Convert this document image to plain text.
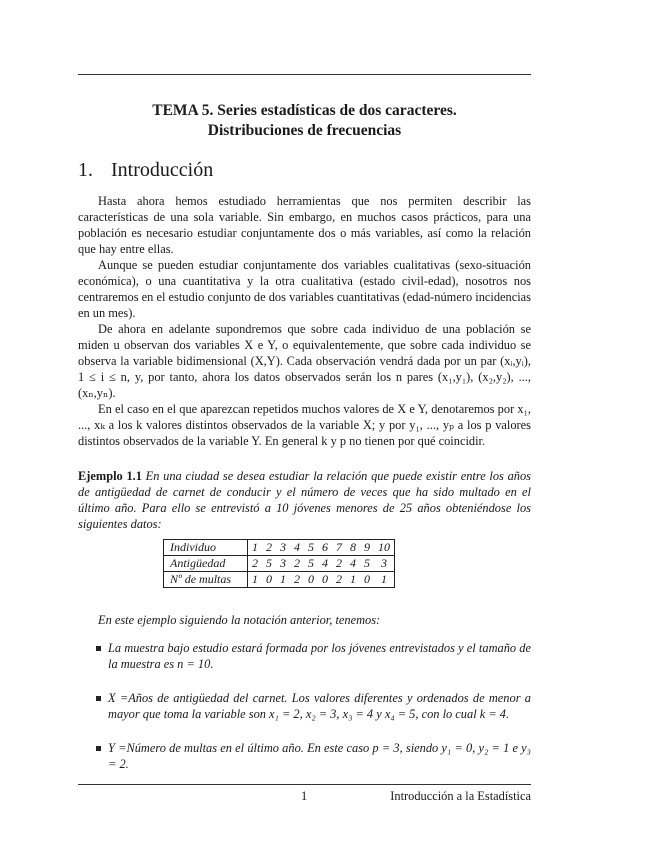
TEMA 5. Series estadísticas de dos caracteres.
Distribuciones de frecuencias
1. Introducción

Hasta ahora hemos estudiado herramientas que nos permiten describir las características de una sola variable. Sin embargo, en muchos casos prácticos, para una población es necesario estudiar conjuntamente dos o más variables, así como la relación que hay entre ellas.

Aunque se pueden estudiar conjuntamente dos variables cualitativas (sexo-situación económica), o una cuantitativa y la otra cualitativa (estado civil-edad), nosotros nos centraremos en el estudio conjunto de dos variables cuantitativas (edad-número incidencias en un mes).

De ahora en adelante supondremos que sobre cada individuo de una población se miden u observan dos variables X e Y, o equivalentemente, que sobre cada individuo se observa la variable bidimensional (X,Y). Cada observación vendrá dada por un par (xᵢ,yᵢ), 1 ≤ i ≤ n, y, por tanto, ahora los datos observados serán los n pares (x₁,y₁), (x₂,y₂), ..., (xₙ,yₙ).

En el caso en el que aparezcan repetidos muchos valores de X e Y, denotaremos por x₁, ..., xₖ a los k valores distintos observados de la variable X; y por y₁, ..., yₚ a los p valores distintos observados de la variable Y. En general k y p no tienen por qué coincidir.

Ejemplo 1.1 En una ciudad se desea estudiar la relación que puede existir entre los años de antigüedad de carnet de conducir y el número de veces que ha sido multado en el último año. Para ello se entrevistó a 10 jóvenes menores de 25 años obteniéndose los siguientes datos:
Individuo	1	2	3	4	5	6	7	8	9	10
Antigüedad	2	5	3	2	5	4	2	4	5	3
Nº de multas	1	0	1	2	0	0	2	1	0	1
En este ejemplo siguiendo la notación anterior, tenemos:
La muestra bajo estudio estará formada por los jóvenes entrevistados y el tamaño de la muestra es n = 10.
X =Años de antigüedad del carnet. Los valores diferentes y ordenados de menor a mayor que toma la variable son x₁ = 2, x₂ = 3, x₃ = 4 y x₄ = 5, con lo cual k = 4.
Y =Número de multas en el último año. En este caso p = 3, siendo y₁ = 0, y₂ = 1 e y₃ = 2.
1	Introducción a la Estadística
